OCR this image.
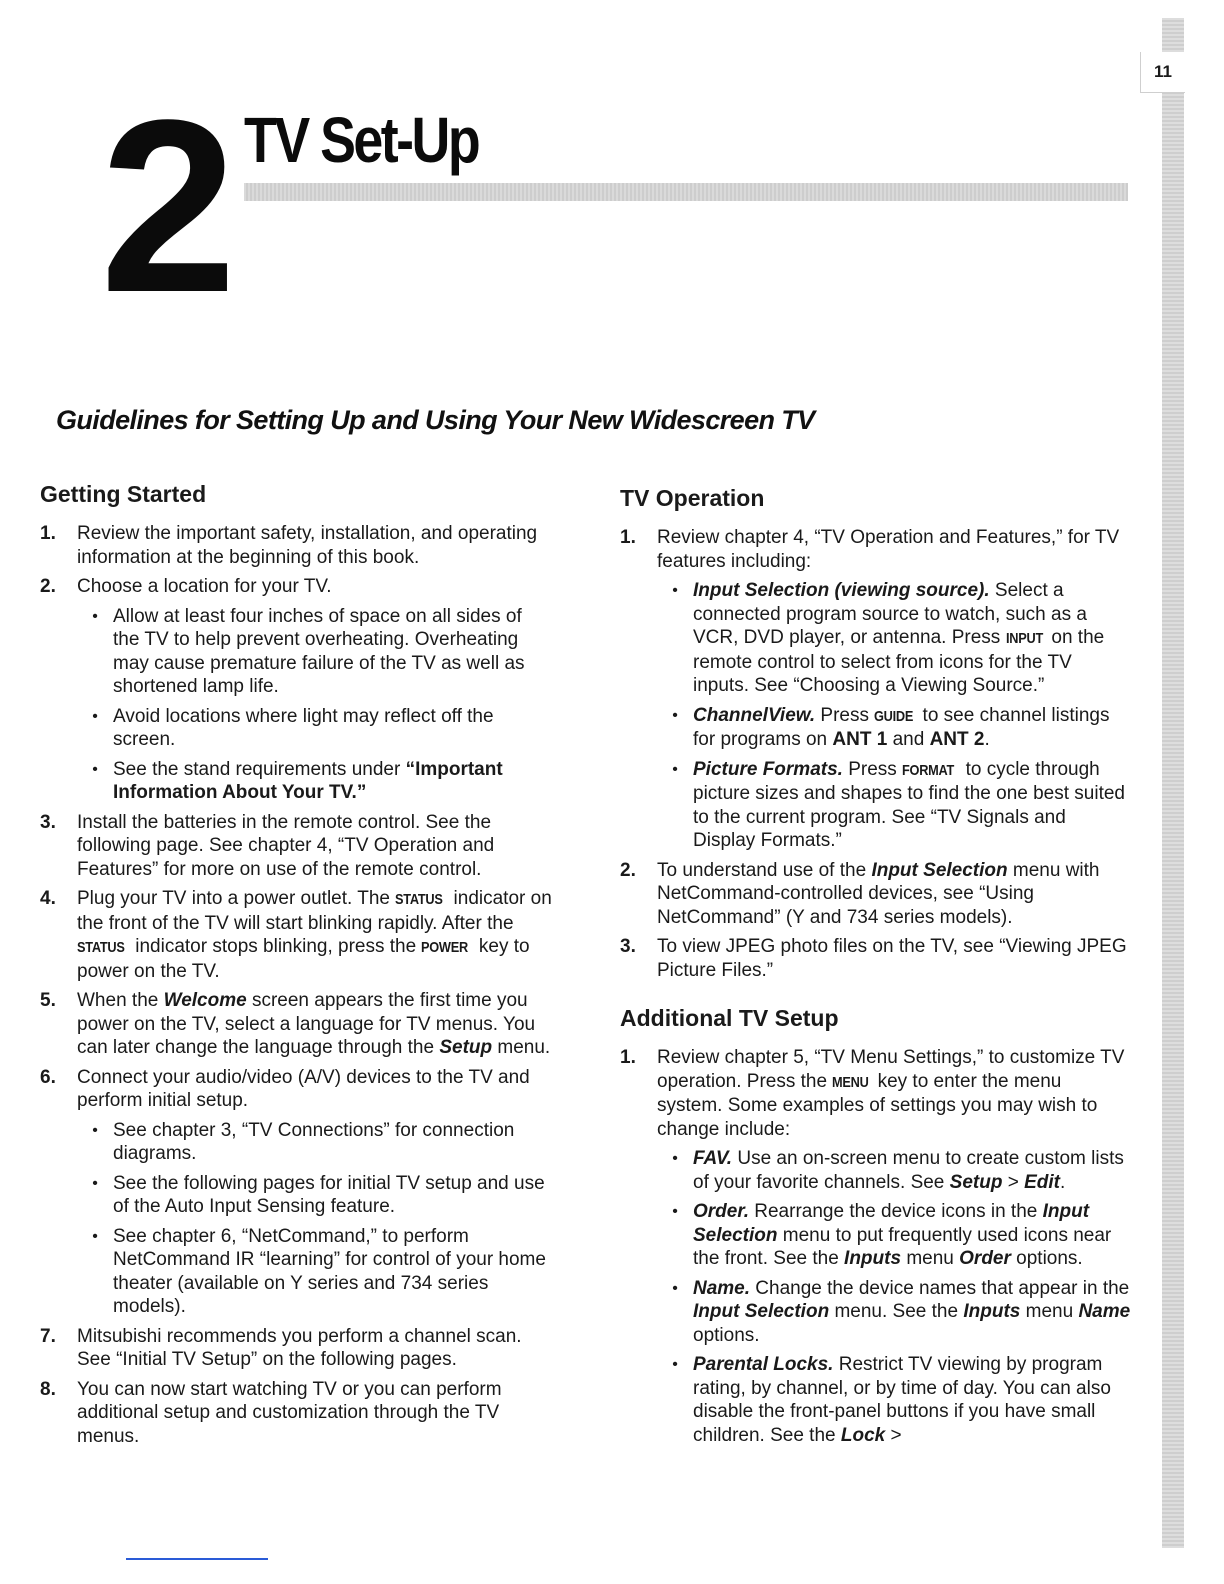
11
2 TV Set-Up
Guidelines for Setting Up and Using Your New Widescreen TV
Getting Started
1.	Review the important safety, installation, and operating information at the beginning of this book.
2.	Choose a location for your TV.
• Allow at least four inches of space on all sides of the TV to help prevent overheating. Overheating may cause premature failure of the TV as well as shortened lamp life.
• Avoid locations where light may reflect off the screen.
• See the stand requirements under “Important Information About Your TV.”
3.	Install the batteries in the remote control. See the following page. See chapter 4, “TV Operation and Features” for more on use of the remote control.
4.	Plug your TV into a power outlet. The STATUS indicator on the front of the TV will start blinking rapidly. After the STATUS indicator stops blinking, press the POWER key to power on the TV.
5.	When the Welcome screen appears the first time you power on the TV, select a language for TV menus. You can later change the language through the Setup menu.
6.	Connect your audio/video (A/V) devices to the TV and perform initial setup.
• See chapter 3, “TV Connections” for connection diagrams.
• See the following pages for initial TV setup and use of the Auto Input Sensing feature.
• See chapter 6, “NetCommand,” to perform NetCommand IR “learning” for control of your home theater (available on Y series and 734 series models).
7.	Mitsubishi recommends you perform a channel scan. See “Initial TV Setup” on the following pages.
8.	You can now start watching TV or you can perform additional setup and customization through the TV menus.
TV Operation
1.	Review chapter 4, “TV Operation and Features,” for TV features including:
• Input Selection (viewing source). Select a connected program source to watch, such as a VCR, DVD player, or antenna. Press INPUT on the remote control to select from icons for the TV inputs. See “Choosing a Viewing Source.”
• ChannelView. Press GUIDE to see channel listings for programs on ANT 1 and ANT 2.
• Picture Formats. Press FORMAT to cycle through picture sizes and shapes to find the one best suited to the current program. See “TV Signals and Display Formats.”
2.	To understand use of the Input Selection menu with NetCommand-controlled devices, see “Using NetCommand” (Y and 734 series models).
3.	To view JPEG photo files on the TV, see “Viewing JPEG Picture Files.”
Additional TV Setup
1.	Review chapter 5, “TV Menu Settings,” to customize TV operation. Press the MENU key to enter the menu system. Some examples of settings you may wish to change include:
• FAV. Use an on-screen menu to create custom lists of your favorite channels. See Setup > Edit.
• Order. Rearrange the device icons in the Input Selection menu to put frequently used icons near the front. See the Inputs menu Order options.
• Name. Change the device names that appear in the Input Selection menu. See the Inputs menu Name options.
• Parental Locks. Restrict TV viewing by program rating, by channel, or by time of day. You can also disable the front-panel buttons if you have small children. See the Lock >
